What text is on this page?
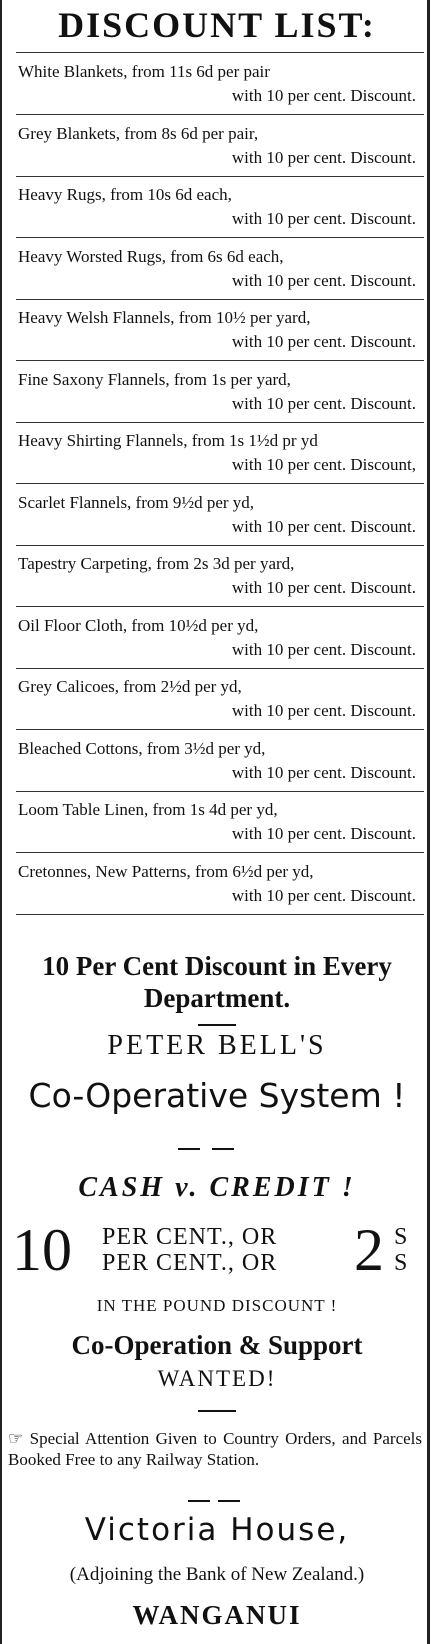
DISCOUNT LIST:
White Blankets, from 11s 6d per pair
with 10 per cent. Discount.
Grey Blankets, from 8s 6d per pair,
with 10 per cent. Discount.
Heavy Rugs, from 10s 6d each,
with 10 per cent. Discount.
Heavy Worsted Rugs, from 6s 6d each,
with 10 per cent. Discount.
Heavy Welsh Flannels, from 10½ per yard,
with 10 per cent. Discount.
Fine Saxony Flannels, from 1s per yard,
with 10 per cent. Discount.
Heavy Shirting Flannels, from 1s 1½d pr yd
with 10 per cent. Discount,
Scarlet Flannels, from 9½d per yd,
with 10 per cent. Discount.
Tapestry Carpeting, from 2s 3d per yard,
with 10 per cent. Discount.
Oil Floor Cloth, from 10½d per yd,
with 10 per cent. Discount.
Grey Calicoes, from 2½d per yd,
with 10 per cent. Discount.
Bleached Cottons, from 3½d per yd,
with 10 per cent. Discount.
Loom Table Linen, from 1s 4d per yd,
with 10 per cent. Discount.
Cretonnes, New Patterns, from 6½d per yd,
with 10 per cent. Discount.
10 Per Cent Discount in Every
Department.
PETER BELL'S
Co-Operative System !
CASH v. CREDIT !
10 PER CENT., OR
PER CENT., OR 2 S
S
IN THE POUND DISCOUNT !
Co-Operation & Support
WANTED!
☞ Special Attention Given to Country Orders, and Parcels Booked Free to any Railway Station.
Victoria House,
(Adjoining the Bank of New Zealand.)
WANGANUI
